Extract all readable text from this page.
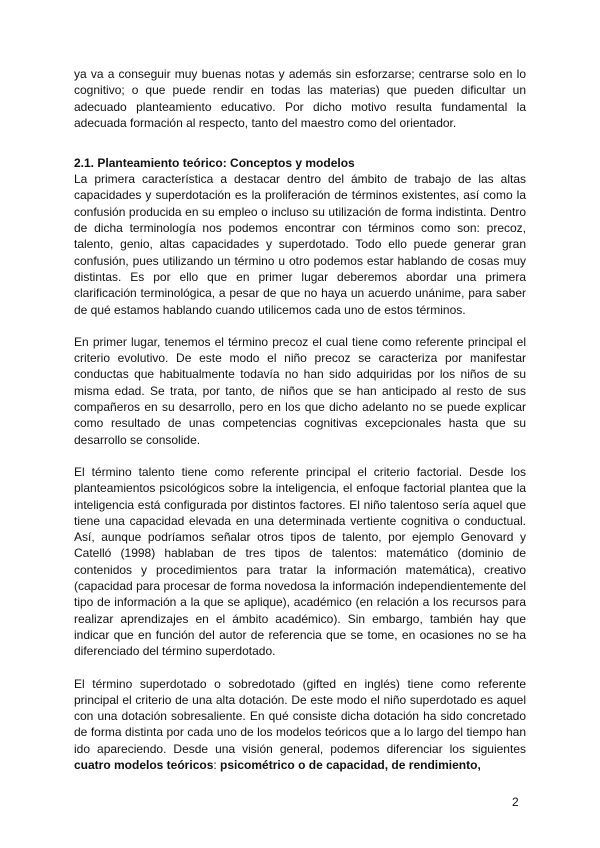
ya va a conseguir muy buenas notas y además sin esforzarse; centrarse solo en lo cognitivo; o que puede rendir en todas las materias) que pueden dificultar un adecuado planteamiento educativo. Por dicho motivo resulta fundamental la adecuada formación al respecto, tanto del maestro como del orientador.

2.1. Planteamiento teórico: Conceptos y modelos

La primera característica a destacar dentro del ámbito de trabajo de las altas capacidades y superdotación es la proliferación de términos existentes, así como la confusión producida en su empleo o incluso su utilización de forma indistinta. Dentro de dicha terminología nos podemos encontrar con términos como son: precoz, talento, genio, altas capacidades y superdotado. Todo ello puede generar gran confusión, pues utilizando un término u otro podemos estar hablando de cosas muy distintas. Es por ello que en primer lugar deberemos abordar una primera clarificación terminológica, a pesar de que no haya un acuerdo unánime, para saber de qué estamos hablando cuando utilicemos cada uno de estos términos.

En primer lugar, tenemos el término precoz el cual tiene como referente principal el criterio evolutivo. De este modo el niño precoz se caracteriza por manifestar conductas que habitualmente todavía no han sido adquiridas por los niños de su misma edad. Se trata, por tanto, de niños que se han anticipado al resto de sus compañeros en su desarrollo, pero en los que dicho adelanto no se puede explicar como resultado de unas competencias cognitivas excepcionales hasta que su desarrollo se consolide.

El término talento tiene como referente principal el criterio factorial. Desde los planteamientos psicológicos sobre la inteligencia, el enfoque factorial plantea que la inteligencia está configurada por distintos factores. El niño talentoso sería aquel que tiene una capacidad elevada en una determinada vertiente cognitiva o conductual. Así, aunque podríamos señalar otros tipos de talento, por ejemplo Genovard y Catelló (1998) hablaban de tres tipos de talentos: matemático (dominio de contenidos y procedimientos para tratar la información matemática), creativo (capacidad para procesar de forma novedosa la información independientemente del tipo de información a la que se aplique), académico (en relación a los recursos para realizar aprendizajes en el ámbito académico). Sin embargo, también hay que indicar que en función del autor de referencia que se tome, en ocasiones no se ha diferenciado del término superdotado.

El término superdotado o sobredotado (gifted en inglés) tiene como referente principal el criterio de una alta dotación. De este modo el niño superdotado es aquel con una dotación sobresaliente. En qué consiste dicha dotación ha sido concretado de forma distinta por cada uno de los modelos teóricos que a lo largo del tiempo han ido apareciendo. Desde una visión general, podemos diferenciar los siguientes cuatro modelos teóricos: psicométrico o de capacidad, de rendimiento,

2
